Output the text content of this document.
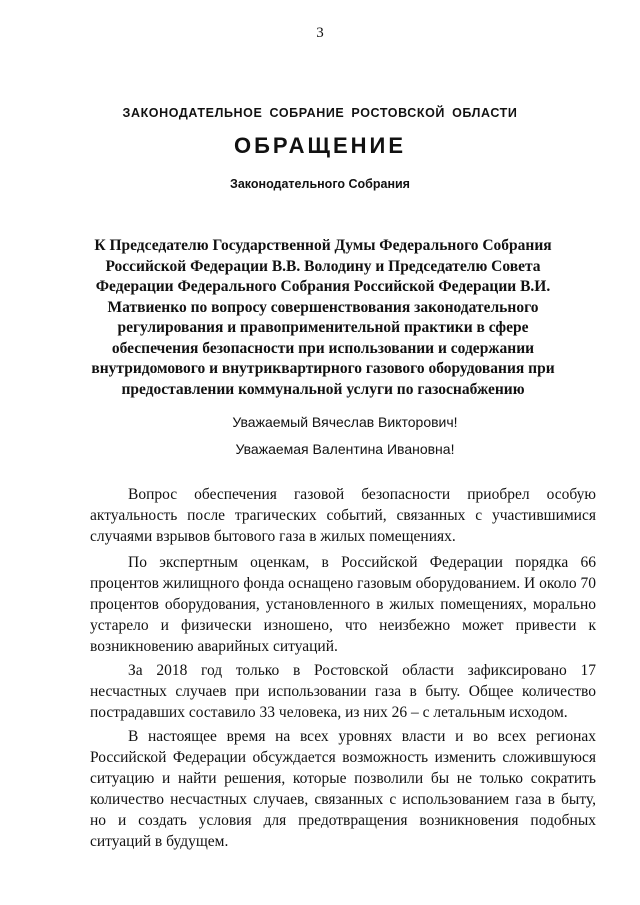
3
ЗАКОНОДАТЕЛЬНОЕ СОБРАНИЕ РОСТОВСКОЙ ОБЛАСТИ
ОБРАЩЕНИЕ
Законодательного Собрания
К Председателю Государственной Думы Федерального Собрания Российской Федерации В.В. Володину и Председателю Совета Федерации Федерального Собрания Российской Федерации В.И. Матвиенко по вопросу совершенствования законодательного регулирования и правоприменительной практики в сфере обеспечения безопасности при использовании и содержании внутридомового и внутриквартирного газового оборудования при предоставлении коммунальной услуги по газоснабжению
Уважаемый Вячеслав Викторович!
Уважаемая Валентина Ивановна!

Вопрос обеспечения газовой безопасности приобрел особую актуальность после трагических событий, связанных с участившимися случаями взрывов бытового газа в жилых помещениях.

По экспертным оценкам, в Российской Федерации порядка 66 процентов жилищного фонда оснащено газовым оборудованием. И около 70 процентов оборудования, установленного в жилых помещениях, морально устарело и физически изношено, что неизбежно может привести к возникновению аварийных ситуаций.

За 2018 год только в Ростовской области зафиксировано 17 несчастных случаев при использовании газа в быту. Общее количество пострадавших составило 33 человека, из них 26 – с летальным исходом.

В настоящее время на всех уровнях власти и во всех регионах Российской Федерации обсуждается возможность изменить сложившуюся ситуацию и найти решения, которые позволили бы не только сократить количество несчастных случаев, связанных с использованием газа в быту, но и создать условия для предотвращения возникновения подобных ситуаций в будущем.
